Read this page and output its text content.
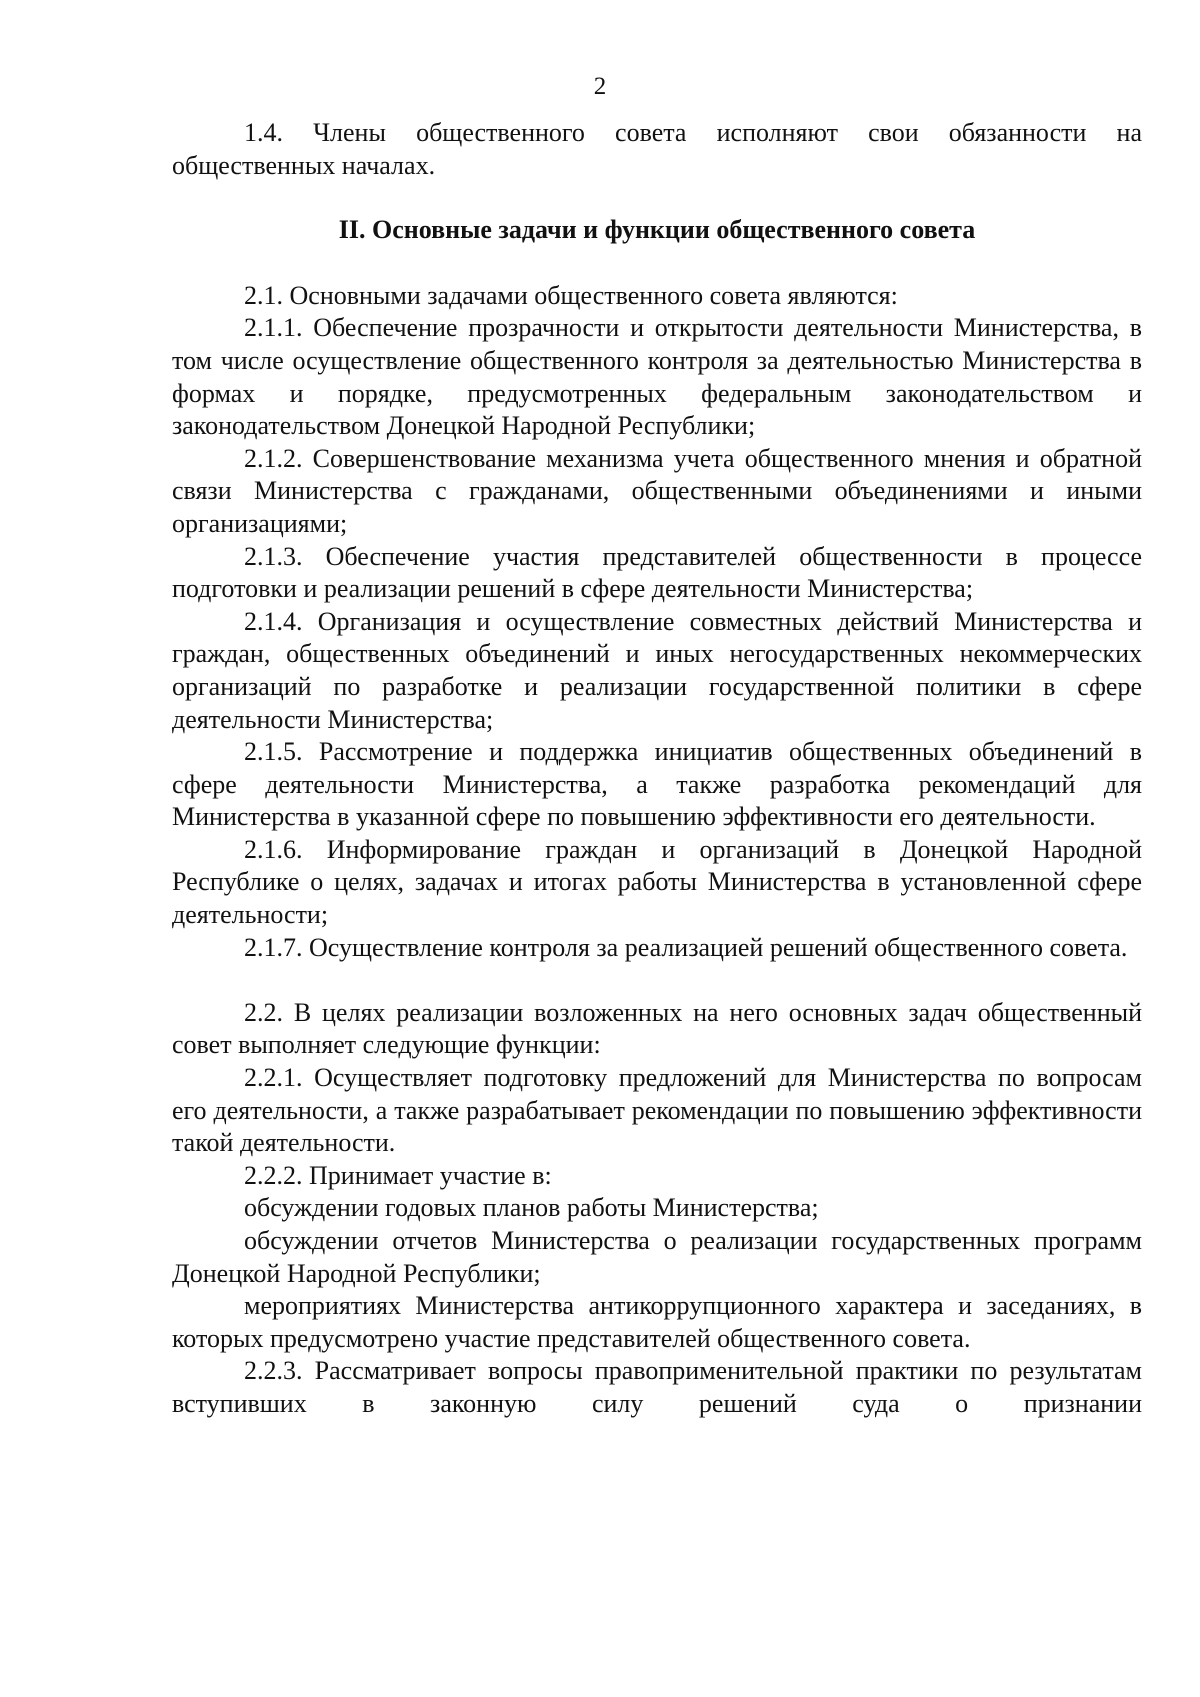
2

1.4. Члены общественного совета исполняют свои обязанности на общественных началах.

II. Основные задачи и функции общественного совета

2.1. Основными задачами общественного совета являются:

2.1.1. Обеспечение прозрачности и открытости деятельности Министерства, в том числе осуществление общественного контроля за деятельностью Министерства в формах и порядке, предусмотренных федеральным законодательством и законодательством Донецкой Народной Республики;

2.1.2. Совершенствование механизма учета общественного мнения и обратной связи Министерства с гражданами, общественными объединениями и иными организациями;

2.1.3. Обеспечение участия представителей общественности в процессе подготовки и реализации решений в сфере деятельности Министерства;

2.1.4. Организация и осуществление совместных действий Министерства и граждан, общественных объединений и иных негосударственных некоммерческих организаций по разработке и реализации государственной политики в сфере деятельности Министерства;

2.1.5. Рассмотрение и поддержка инициатив общественных объединений в сфере деятельности Министерства, а также разработка рекомендаций для Министерства в указанной сфере по повышению эффективности его деятельности.

2.1.6. Информирование граждан и организаций в Донецкой Народной Республике о целях, задачах и итогах работы Министерства в установленной сфере деятельности;

2.1.7. Осуществление контроля за реализацией решений общественного совета.

2.2. В целях реализации возложенных на него основных задач общественный совет выполняет следующие функции:

2.2.1. Осуществляет подготовку предложений для Министерства по вопросам его деятельности, а также разрабатывает рекомендации по повышению эффективности такой деятельности.

2.2.2. Принимает участие в:

обсуждении годовых планов работы Министерства;

обсуждении отчетов Министерства о реализации государственных программ Донецкой Народной Республики;

мероприятиях Министерства антикоррупционного характера и заседаниях, в которых предусмотрено участие представителей общественного совета.

2.2.3. Рассматривает вопросы правоприменительной практики по результатам вступивших в законную силу решений суда о признании
